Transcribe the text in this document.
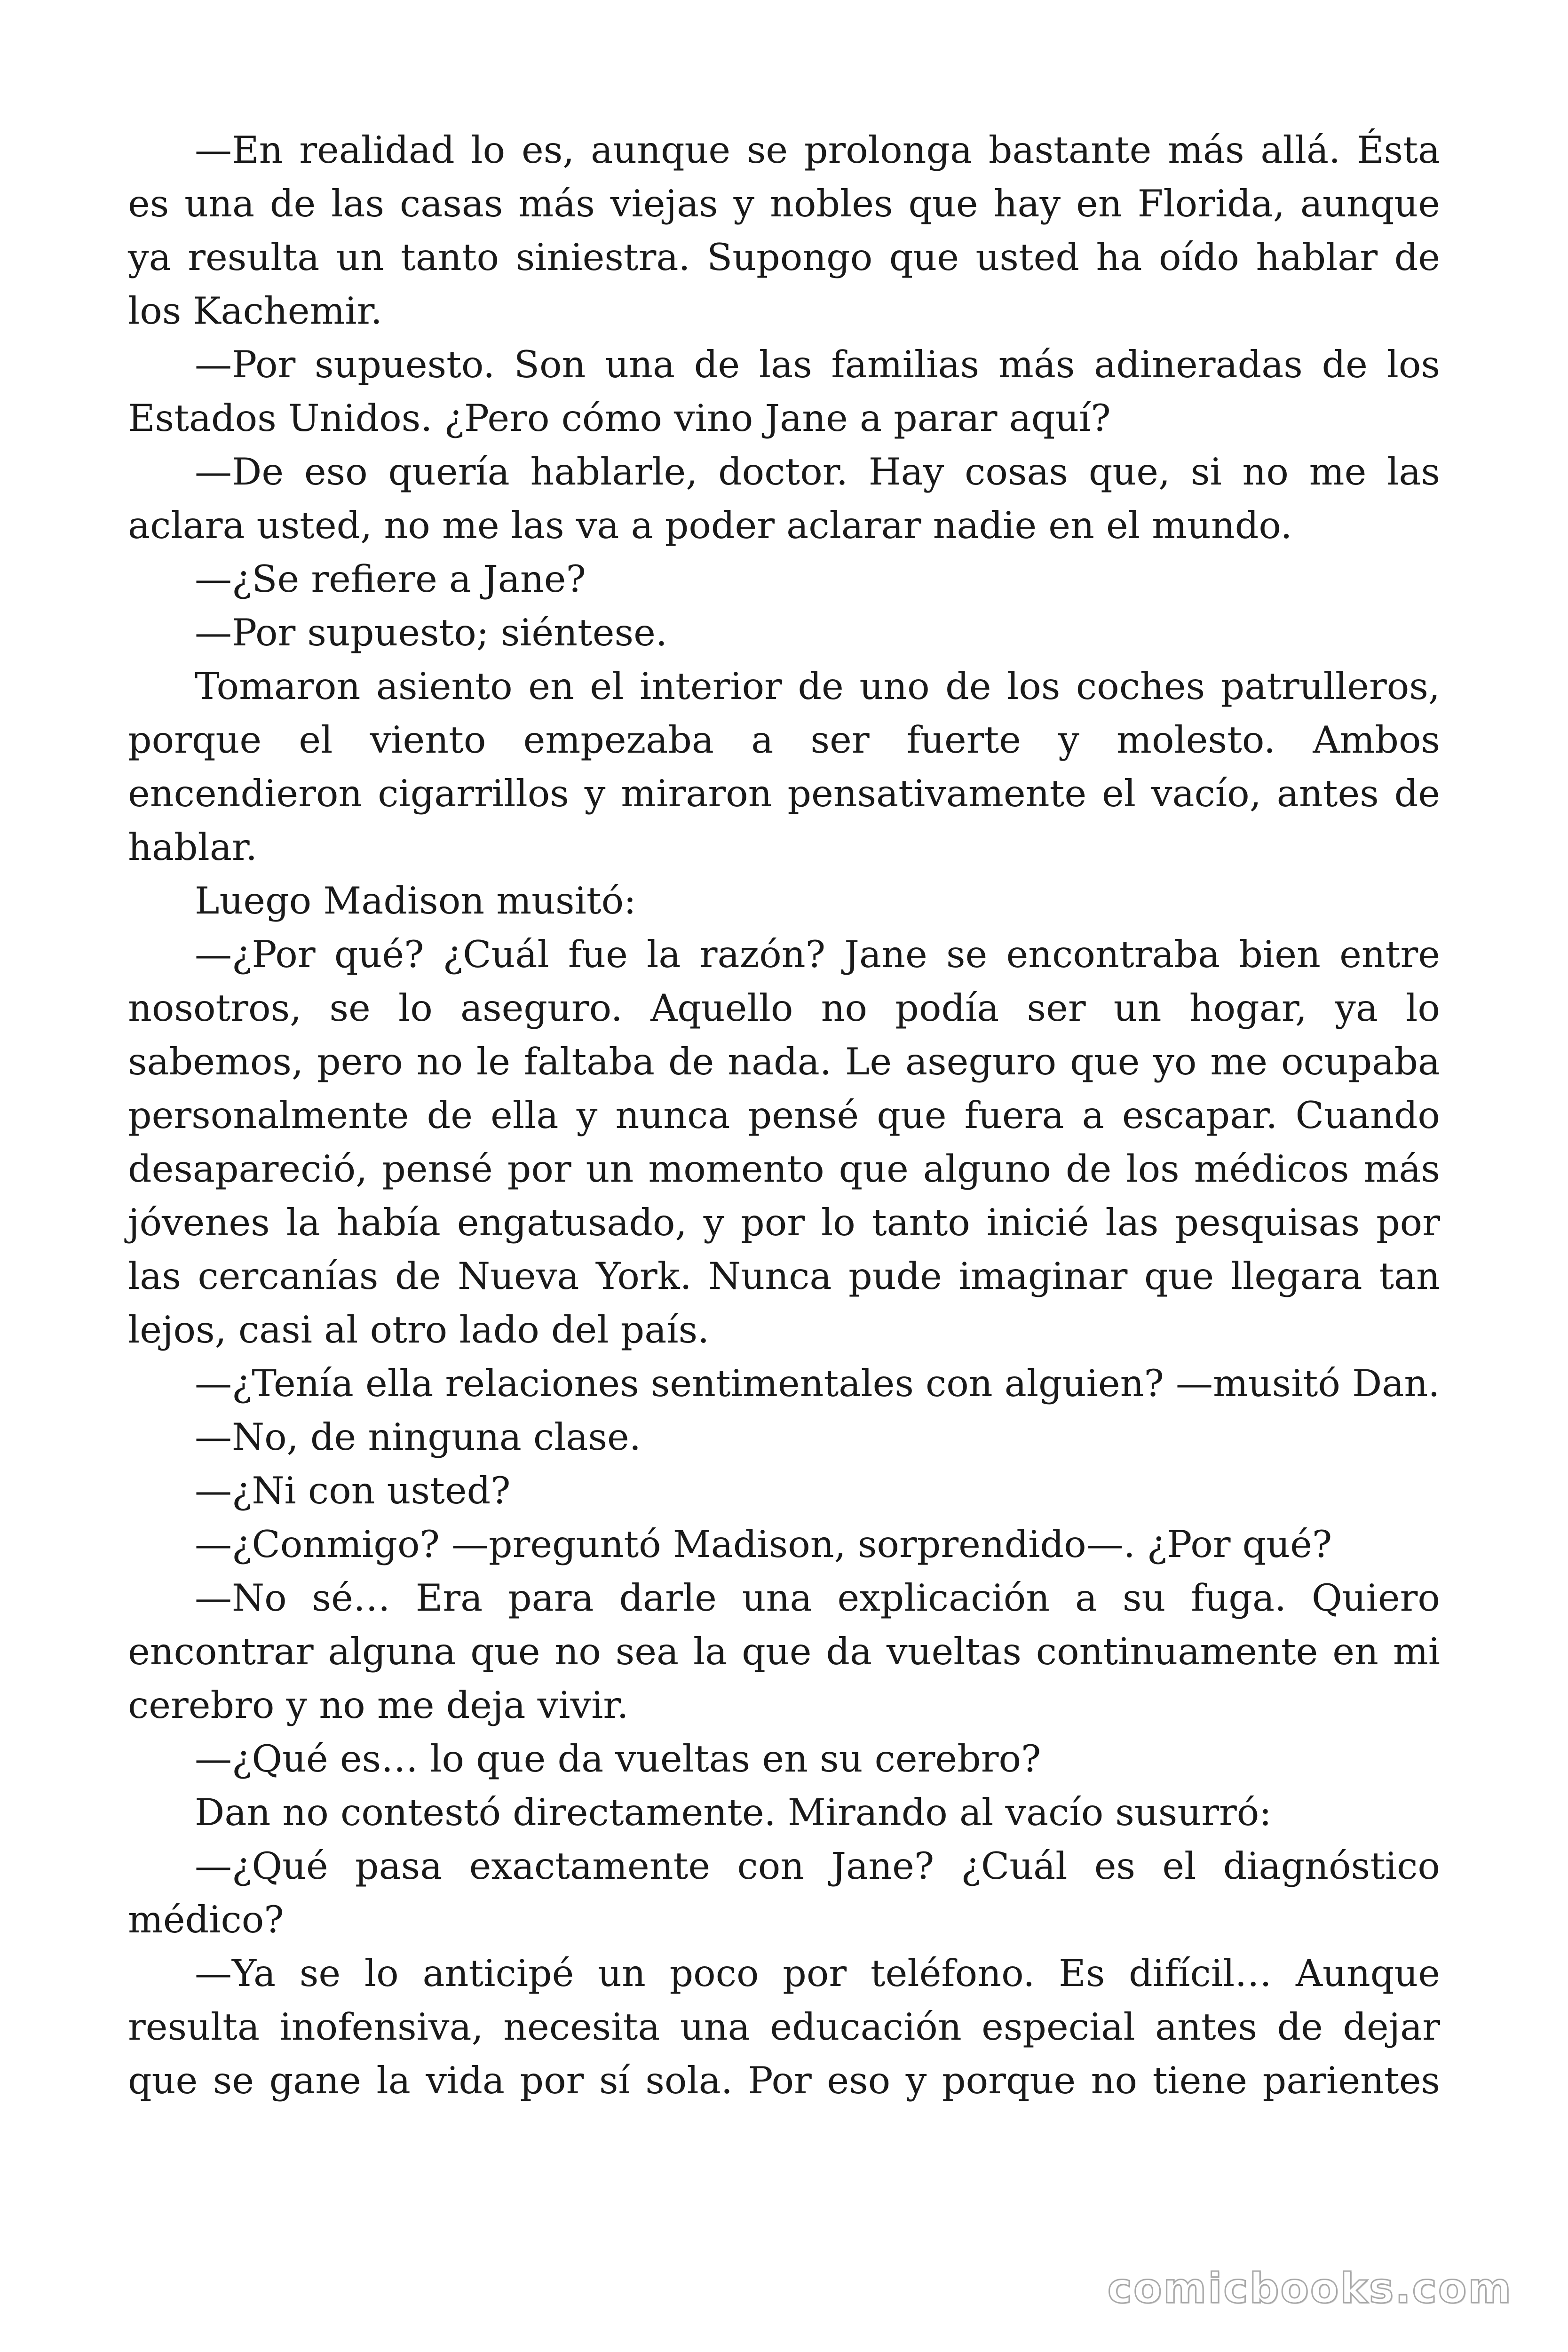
—En realidad lo es, aunque se prolonga bastante más allá. Ésta es una de las casas más viejas y nobles que hay en Florida, aunque ya resulta un tanto siniestra. Supongo que usted ha oído hablar de los Kachemir.

—Por supuesto. Son una de las familias más adineradas de los Estados Unidos. ¿Pero cómo vino Jane a parar aquí?

—De eso quería hablarle, doctor. Hay cosas que, si no me las aclara usted, no me las va a poder aclarar nadie en el mundo.

—¿Se refiere a Jane?

—Por supuesto; siéntese.

Tomaron asiento en el interior de uno de los coches patrulleros, porque el viento empezaba a ser fuerte y molesto. Ambos encendieron cigarrillos y miraron pensativamente el vacío, antes de hablar.

Luego Madison musitó:

—¿Por qué? ¿Cuál fue la razón? Jane se encontraba bien entre nosotros, se lo aseguro. Aquello no podía ser un hogar, ya lo sabemos, pero no le faltaba de nada. Le aseguro que yo me ocupaba personalmente de ella y nunca pensé que fuera a escapar. Cuando desapareció, pensé por un momento que alguno de los médicos más jóvenes la había engatusado, y por lo tanto inicié las pesquisas por las cercanías de Nueva York. Nunca pude imaginar que llegara tan lejos, casi al otro lado del país.

—¿Tenía ella relaciones sentimentales con alguien? —musitó Dan.

—No, de ninguna clase.

—¿Ni con usted?

—¿Conmigo? —preguntó Madison, sorprendido—. ¿Por qué?

—No sé… Era para darle una explicación a su fuga. Quiero encontrar alguna que no sea la que da vueltas continuamente en mi cerebro y no me deja vivir.

—¿Qué es… lo que da vueltas en su cerebro?

Dan no contestó directamente. Mirando al vacío susurró:

—¿Qué pasa exactamente con Jane? ¿Cuál es el diagnóstico médico?

—Ya se lo anticipé un poco por teléfono. Es difícil… Aunque resulta inofensiva, necesita una educación especial antes de dejar que se gane la vida por sí sola. Por eso y porque no tiene parientes

comicbooks.com
